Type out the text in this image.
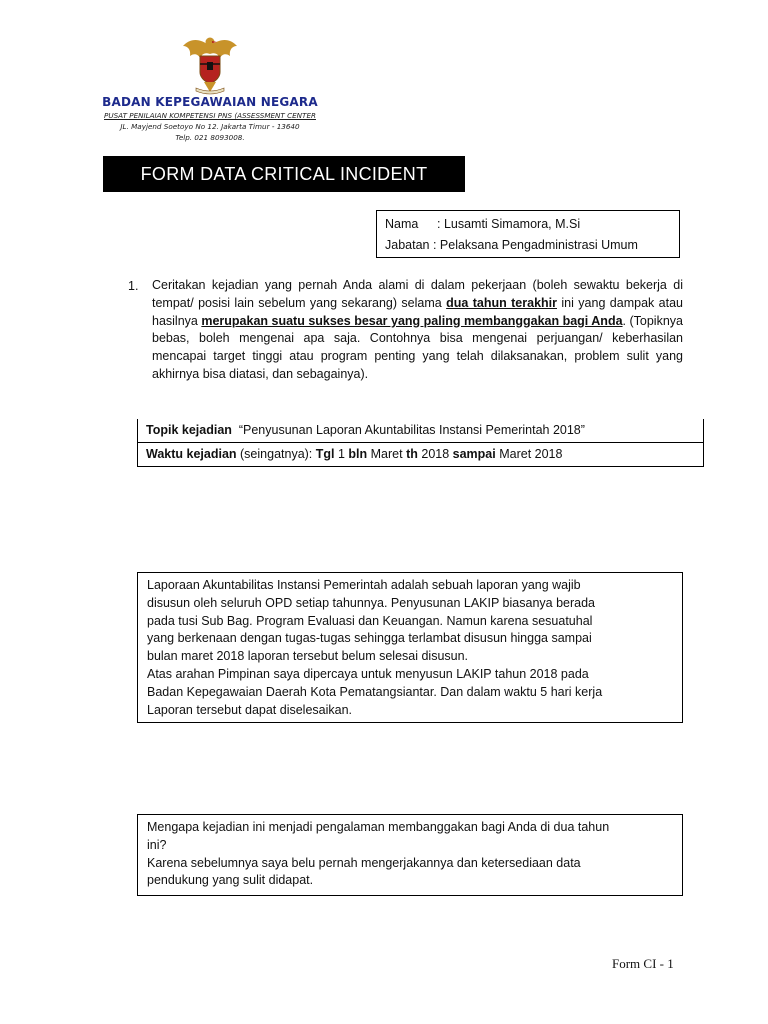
BADAN KEPEGAWAIAN NEGARA
PUSAT PENILAIAN KOMPETENSI PNS (ASSESSMENT CENTER
JL. Mayjend Soetoyo No 12. Jakarta Timur - 13640
Telp. 021 8093008.
FORM DATA CRITICAL INCIDENT
Nama : Lusamti Simamora, M.Si
Jabatan : Pelaksana Pengadministrasi Umum
1. Ceritakan kejadian yang pernah Anda alami di dalam pekerjaan (boleh sewaktu bekerja di tempat/ posisi lain sebelum yang sekarang) selama dua tahun terakhir ini yang dampak atau hasilnya merupakan suatu sukses besar yang paling membanggakan bagi Anda. (Topiknya bebas, boleh mengenai apa saja. Contohnya bisa mengenai perjuangan/ keberhasilan mencapai target tinggi atau program penting yang telah dilaksanakan, problem sulit yang akhirnya bisa diatasi, dan sebagainya).
Topik kejadian “Penyusunan Laporan Akuntabilitas Instansi Pemerintah 2018”
Waktu kejadian (seingatnya): Tgl 1 bln Maret th 2018 sampai Maret 2018
Laporaan Akuntabilitas Instansi Pemerintah adalah sebuah laporan yang wajib
disusun oleh seluruh OPD setiap tahunnya. Penyusunan LAKIP biasanya berada
pada tusi Sub Bag. Program Evaluasi dan Keuangan. Namun karena sesuatuhal
yang berkenaan dengan tugas-tugas sehingga terlambat disusun hingga sampai
bulan maret 2018 laporan tersebut belum selesai disusun.
Atas arahan Pimpinan saya dipercaya untuk menyusun LAKIP tahun 2018 pada
Badan Kepegawaian Daerah Kota Pematangsiantar. Dan dalam waktu 5 hari kerja
Laporan tersebut dapat diselesaikan.
Mengapa kejadian ini menjadi pengalaman membanggakan bagi Anda di dua tahun
ini?
Karena sebelumnya saya belu pernah mengerjakannya dan ketersediaan data
pendukung yang sulit didapat.
Form CI - 1
